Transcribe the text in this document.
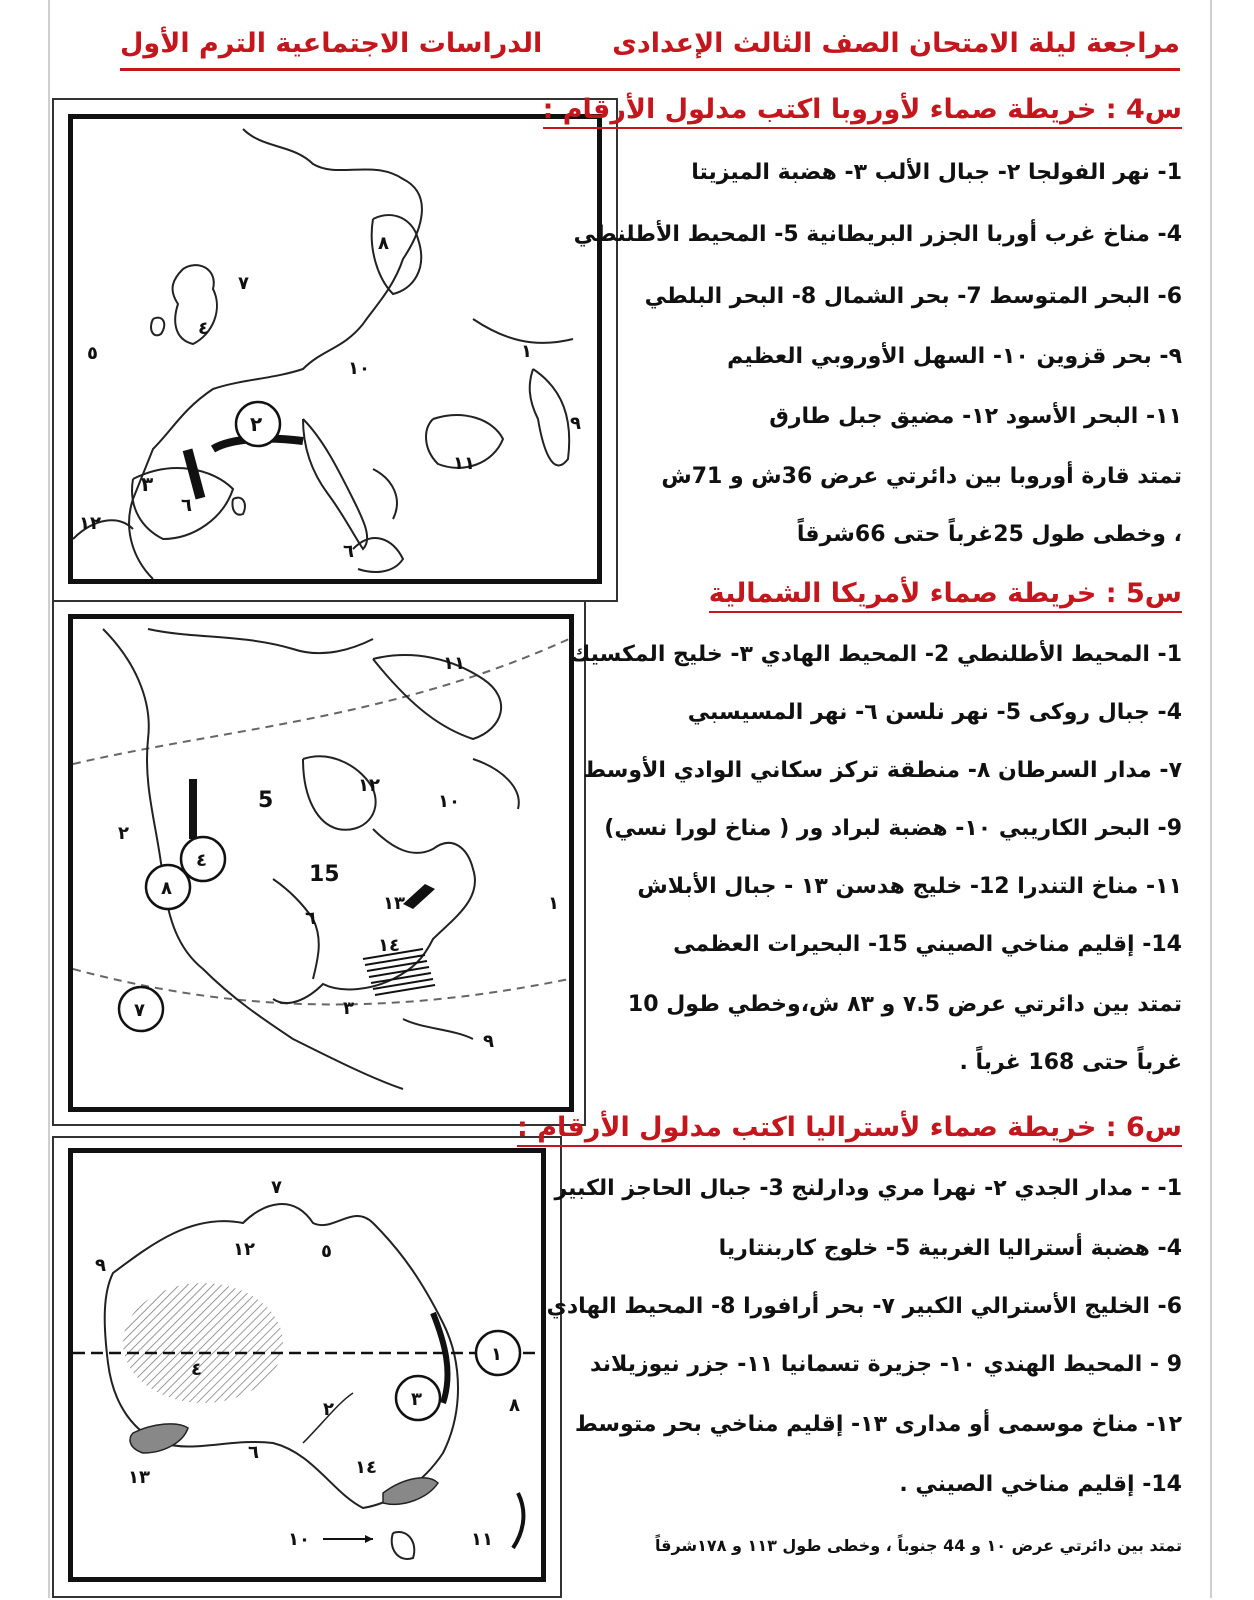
مراجعة ليلة الامتحان الصف الثالث الإعدادى
الدراسات الاجتماعية الترم الأول
٥	١
٢
٣
٤
٦
٦
٧
٨
٩
١٠
١١
١٢
س4 : خريطة صماء لأوروبا اكتب مدلول الأرقام :
1- نهر الفولجا ٢- جبال الألب ٣- هضبة الميزيتا
4- مناخ غرب أوربا الجزر البريطانية 5- المحيط الأطلنطي
6- البحر المتوسط 7- بحر الشمال 8- البحر البلطي
٩- بحر قزوين ١٠- السهل الأوروبي العظيم
١١- البحر الأسود ١٢- مضيق جبل طارق
تمتد قارة أوروبا بين دائرتي عرض 36ش و 71ش
، وخطى طول 25غرباً حتى 66شرقاً
١
٢
٣
٤
5
٦
٧
٨
٩
١٠
١١
١٢
١٣
١٤
15
س5 : خريطة صماء لأمريكا الشمالية
1- المحيط الأطلنطي 2- المحيط الهادي ٣- خليج المكسيك
4- جبال روكى 5- نهر نلسن ٦- نهر المسيسبي
٧- مدار السرطان ٨- منطقة تركز سكاني الوادي الأوسط
9- البحر الكاريبي ١٠- هضبة لبراد ور ( مناخ لورا نسي)
١١- مناخ التندرا 12- خليج هدسن ١٣ - جبال الأبلاش
14- إقليم مناخي الصيني 15- البحيرات العظمى
تمتد بين دائرتي عرض ٧.5 و ٨٣ ش،وخطي طول 10
غرباً حتى 168 غرباً .
١
٢	٣
٤
٥
٦
٧
٨
٩
١٠	١١
١٢
١٣	١٤
س6 : خريطة صماء لأستراليا اكتب مدلول الأرقام :
1- - مدار الجدي ٢- نهرا مري ودارلنج 3- جبال الحاجز الكبير
4- هضبة أستراليا الغربية 5- خلوج كاربنتاريا
6- الخليج الأسترالي الكبير ٧- بحر أرافورا 8- المحيط الهادي
9 - المحيط الهندي ١٠- جزيرة تسمانيا ١١- جزر نيوزيلاند
١٢- مناخ موسمى أو مدارى ١٣- إقليم مناخي بحر متوسط
14- إقليم مناخي الصيني .
تمتد بين دائرتي عرض ١٠ و 44 جنوباً ، وخطى طول ١١٣ و ١٧٨شرقاً
